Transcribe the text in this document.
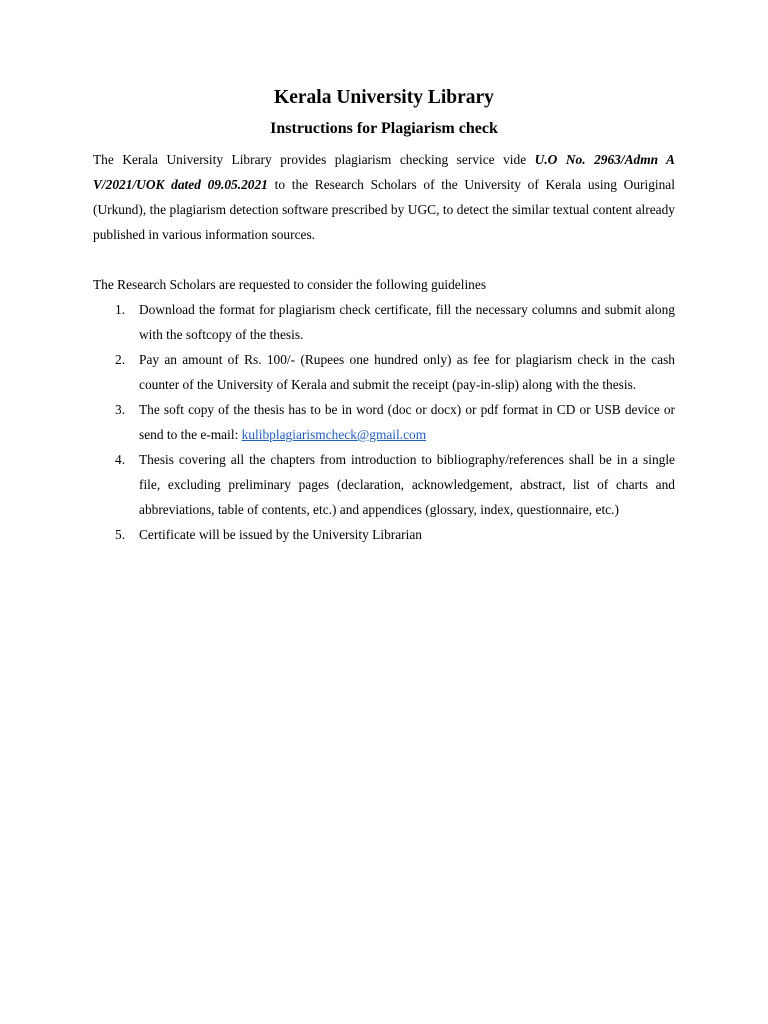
Kerala University Library
Instructions for Plagiarism check

The Kerala University Library provides plagiarism checking service vide U.O No. 2963/Admn A V/2021/UOK dated 09.05.2021 to the Research Scholars of the University of Kerala using Ouriginal (Urkund), the plagiarism detection software prescribed by UGC, to detect the similar textual content already published in various information sources.

The Research Scholars are requested to consider the following guidelines

1. Download the format for plagiarism check certificate, fill the necessary columns and submit along with the softcopy of the thesis.
2. Pay an amount of Rs. 100/- (Rupees one hundred only) as fee for plagiarism check in the cash counter of the University of Kerala and submit the receipt (pay-in-slip) along with the thesis.
3. The soft copy of the thesis has to be in word (doc or docx) or pdf format in CD or USB device or send to the e-mail: kulibplagiarismcheck@gmail.com
4. Thesis covering all the chapters from introduction to bibliography/references shall be in a single file, excluding preliminary pages (declaration, acknowledgement, abstract, list of charts and abbreviations, table of contents, etc.) and appendices (glossary, index, questionnaire, etc.)
5. Certificate will be issued by the University Librarian
